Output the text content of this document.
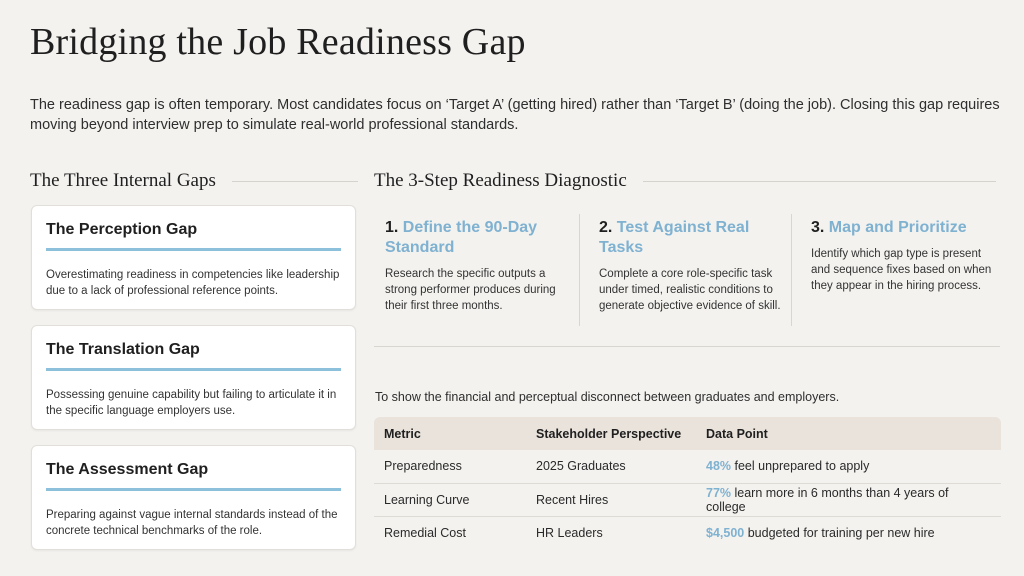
Bridging the Job Readiness Gap

The readiness gap is often temporary. Most candidates focus on ‘Target A’ (getting hired) rather than ‘Target B’ (doing the job). Closing this gap requires moving beyond interview prep to simulate real-world professional standards.

The Three Internal Gaps
The Perception Gap
Overestimating readiness in competencies like leadership due to a lack of professional reference points.
The Translation Gap
Possessing genuine capability but failing to articulate it in the specific language employers use.
The Assessment Gap
Preparing against vague internal standards instead of the concrete technical benchmarks of the role.
The 3-Step Readiness Diagnostic
1. Define the 90-Day Standard
Research the specific outputs a strong performer produces during their first three months.
2. Test Against Real Tasks
Complete a core role-specific task under timed, realistic conditions to generate objective evidence of skill.
3. Map and Prioritize
Identify which gap type is present and sequence fixes based on when they appear in the hiring process.

To show the financial and perceptual disconnect between graduates and employers.

Metric	Stakeholder Perspective	Data Point
Preparedness	2025 Graduates	48% feel unprepared to apply
Learning Curve	Recent Hires	77% learn more in 6 months than 4 years of college
Remedial Cost	HR Leaders	$4,500 budgeted for training per new hire
